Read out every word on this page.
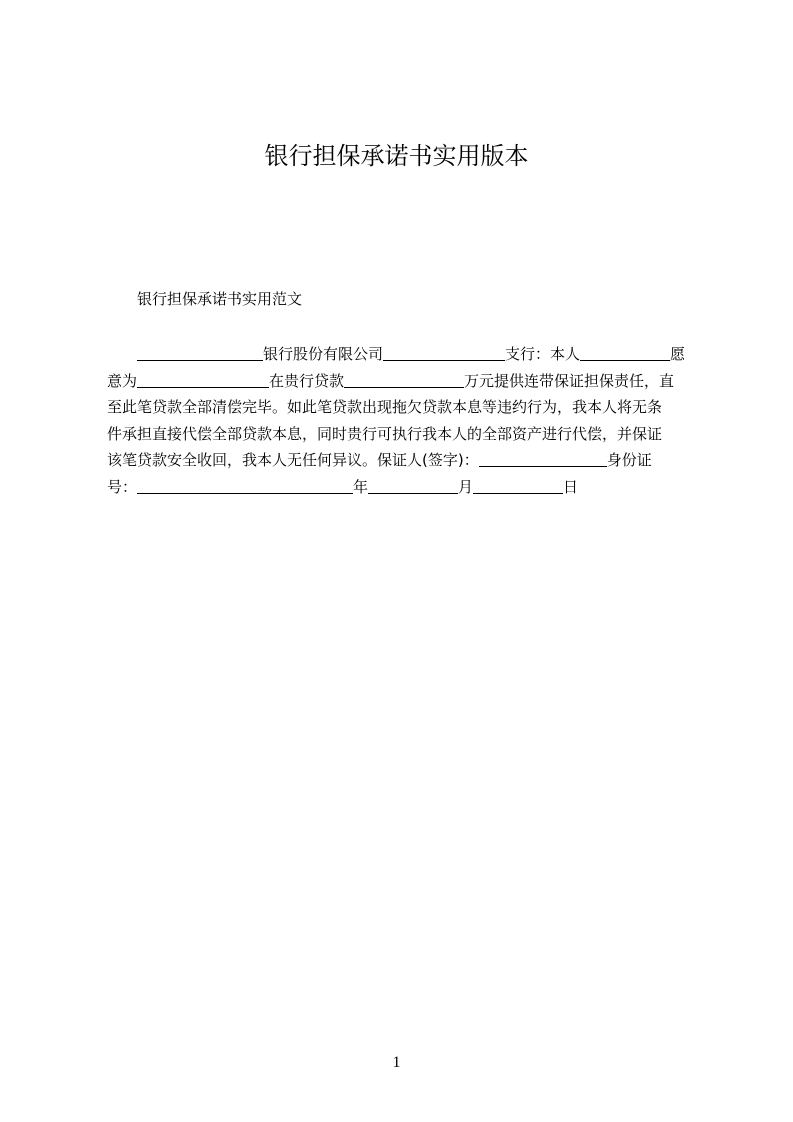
银行担保承诺书实用版本

银行担保承诺书实用范文

银行股份有限公司	支行：本人	愿
意为	在贵行贷款	万元提供连带保证担保责任，直
至此笔贷款全部清偿完毕。如此笔贷款出现拖欠贷款本息等违约行为，我本人将无条
件承担直接代偿全部贷款本息，同时贵行可执行我本人的全部资产进行代偿，并保证
该笔贷款安全收回，我本人无任何异议。保证人(签字)：	身份证
号：	年	月	日
1
